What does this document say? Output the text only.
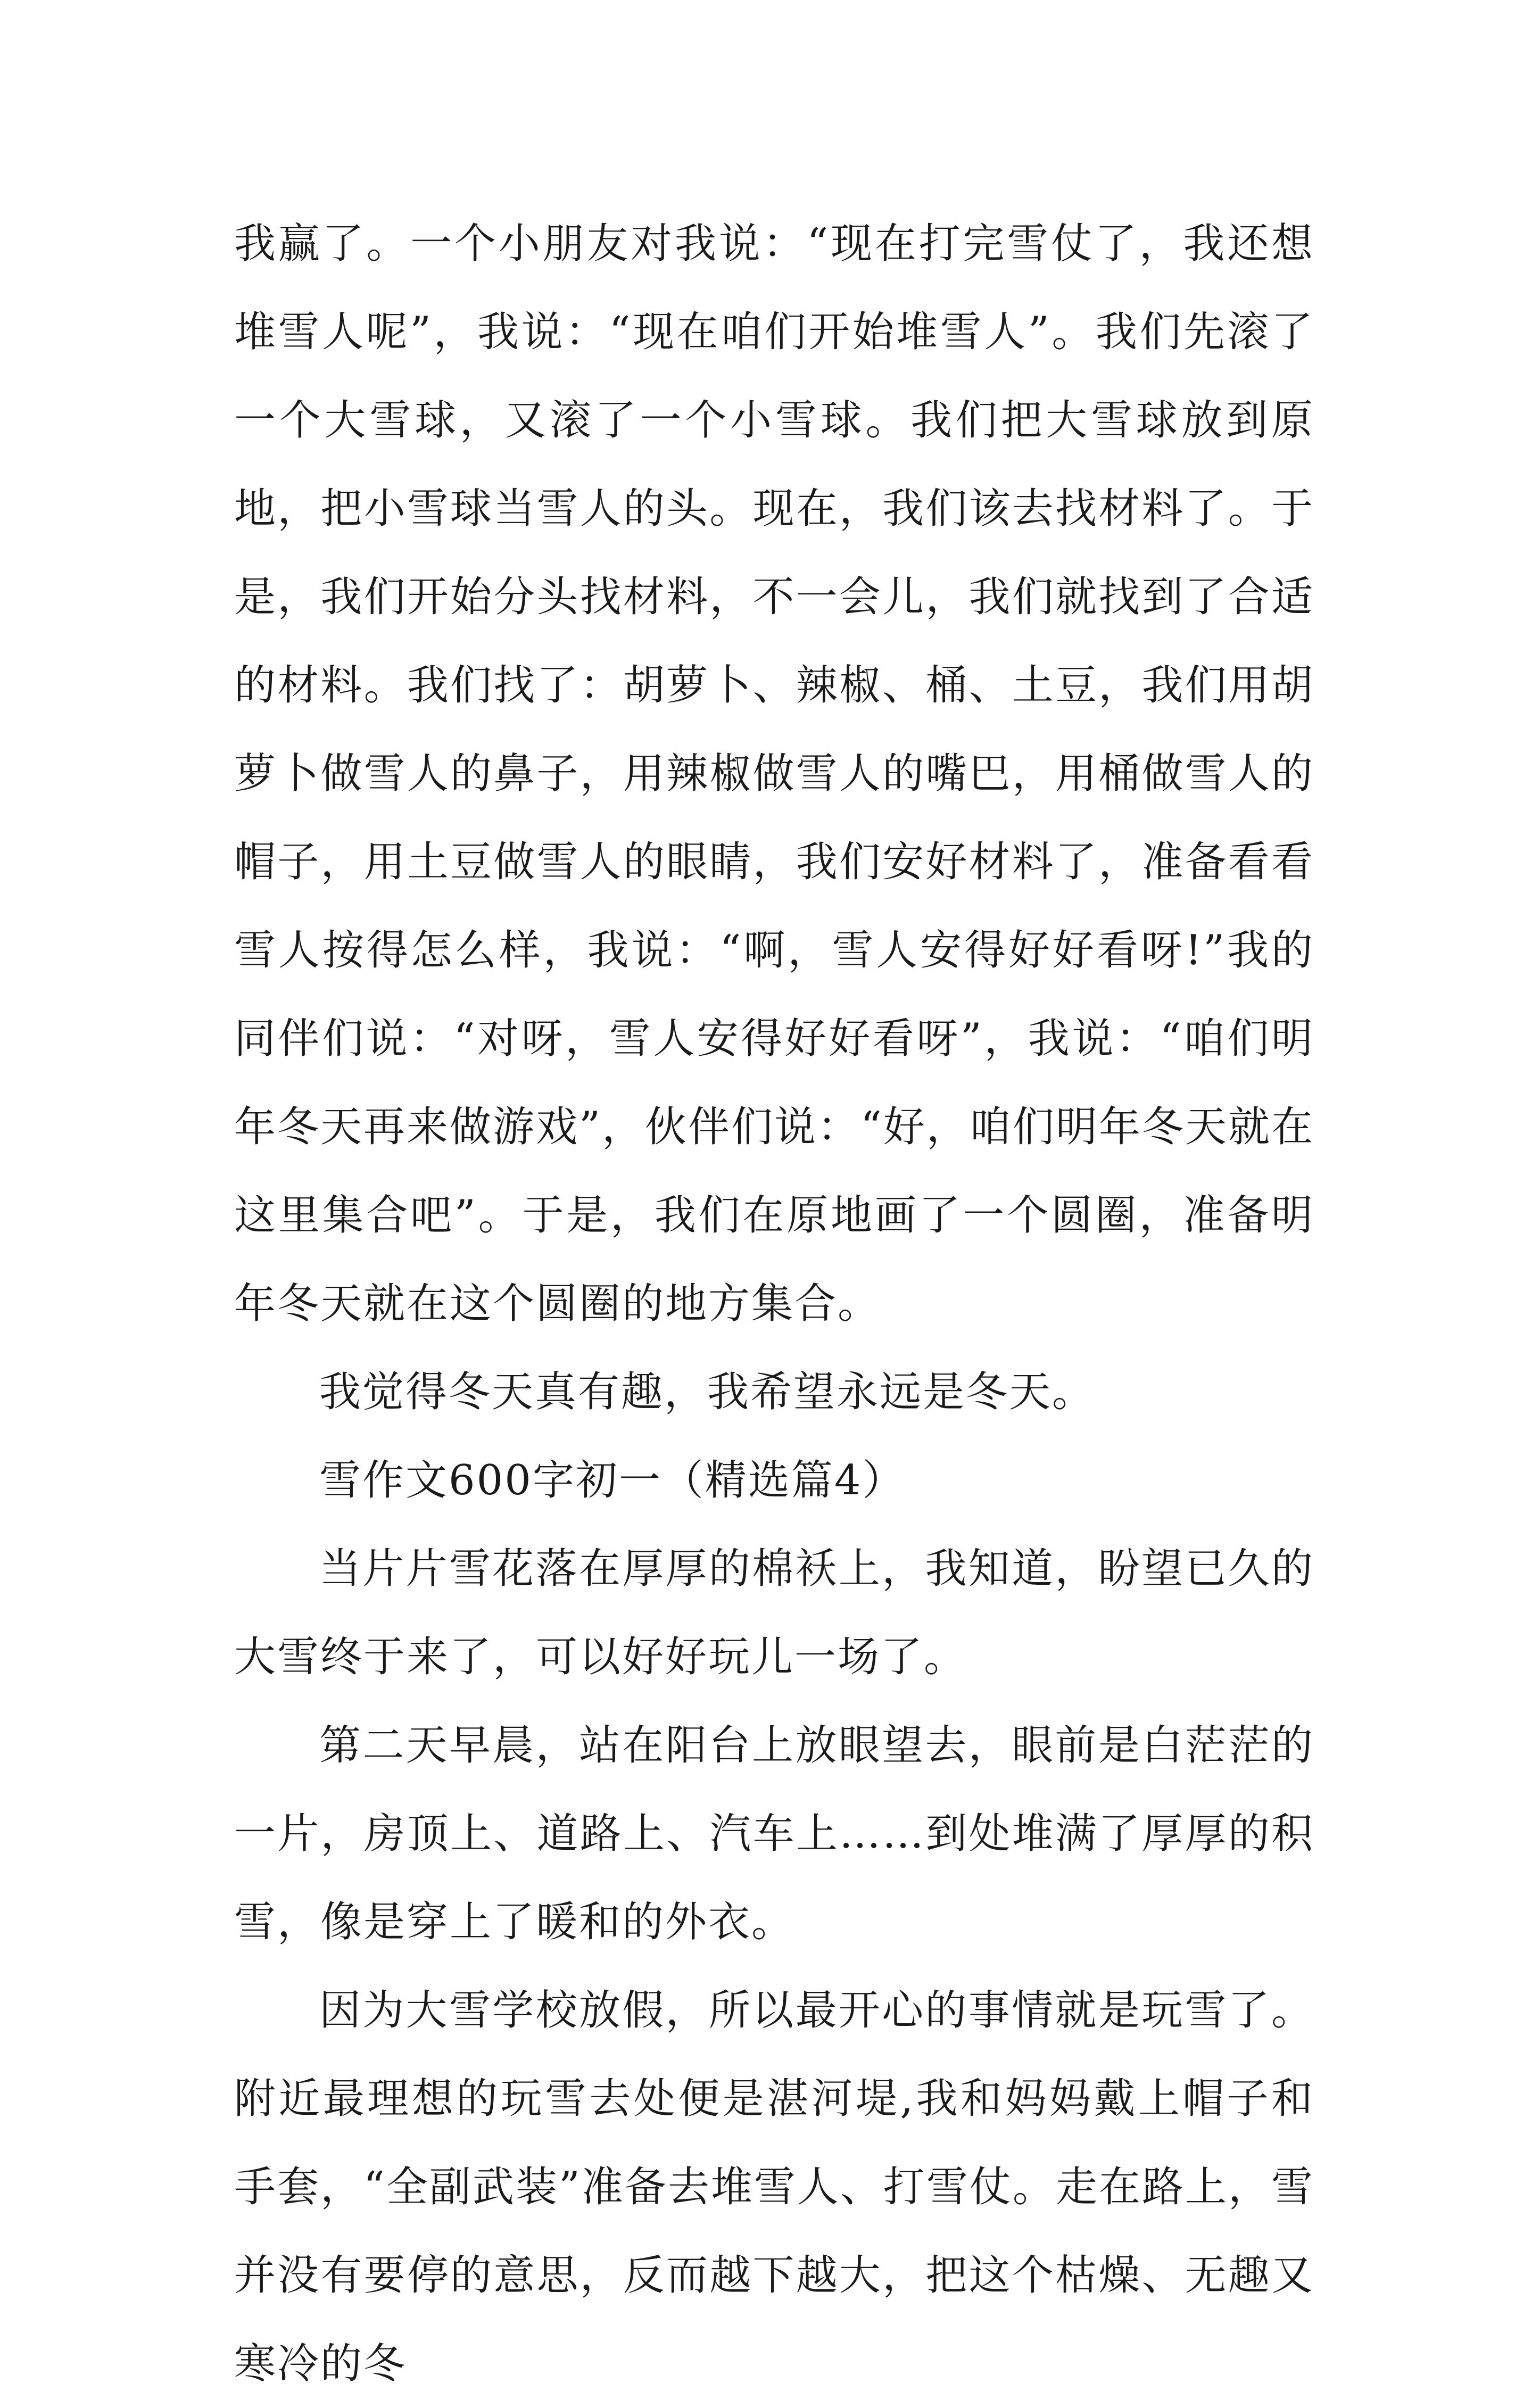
我赢了。一个小朋友对我说：“现在打完雪仗了，我还想堆雪人呢”，我说：“现在咱们开始堆雪人”。我们先滚了一个大雪球，又滚了一个小雪球。我们把大雪球放到原地，把小雪球当雪人的头。现在，我们该去找材料了。于是，我们开始分头找材料，不一会儿，我们就找到了合适的材料。我们找了：胡萝卜、辣椒、桶、土豆，我们用胡萝卜做雪人的鼻子，用辣椒做雪人的嘴巴，用桶做雪人的帽子，用土豆做雪人的眼睛，我们安好材料了，准备看看雪人按得怎么样，我说：“啊，雪人安得好好看呀!”我的同伴们说：“对呀，雪人安得好好看呀”，我说：“咱们明年冬天再来做游戏”，伙伴们说：“好，咱们明年冬天就在这里集合吧”。于是，我们在原地画了一个圆圈，准备明年冬天就在这个圆圈的地方集合。

我觉得冬天真有趣，我希望永远是冬天。

雪作文600字初一（精选篇4）

当片片雪花落在厚厚的棉袄上，我知道，盼望已久的大雪终于来了，可以好好玩儿一场了。

第二天早晨，站在阳台上放眼望去，眼前是白茫茫的一片，房顶上、道路上、汽车上……到处堆满了厚厚的积雪，像是穿上了暖和的外衣。

因为大雪学校放假，所以最开心的事情就是玩雪了。附近最理想的玩雪去处便是湛河堤,我和妈妈戴上帽子和手套，“全副武装”准备去堆雪人、打雪仗。走在路上，雪并没有要停的意思，反而越下越大，把这个枯燥、无趣又寒冷的冬
